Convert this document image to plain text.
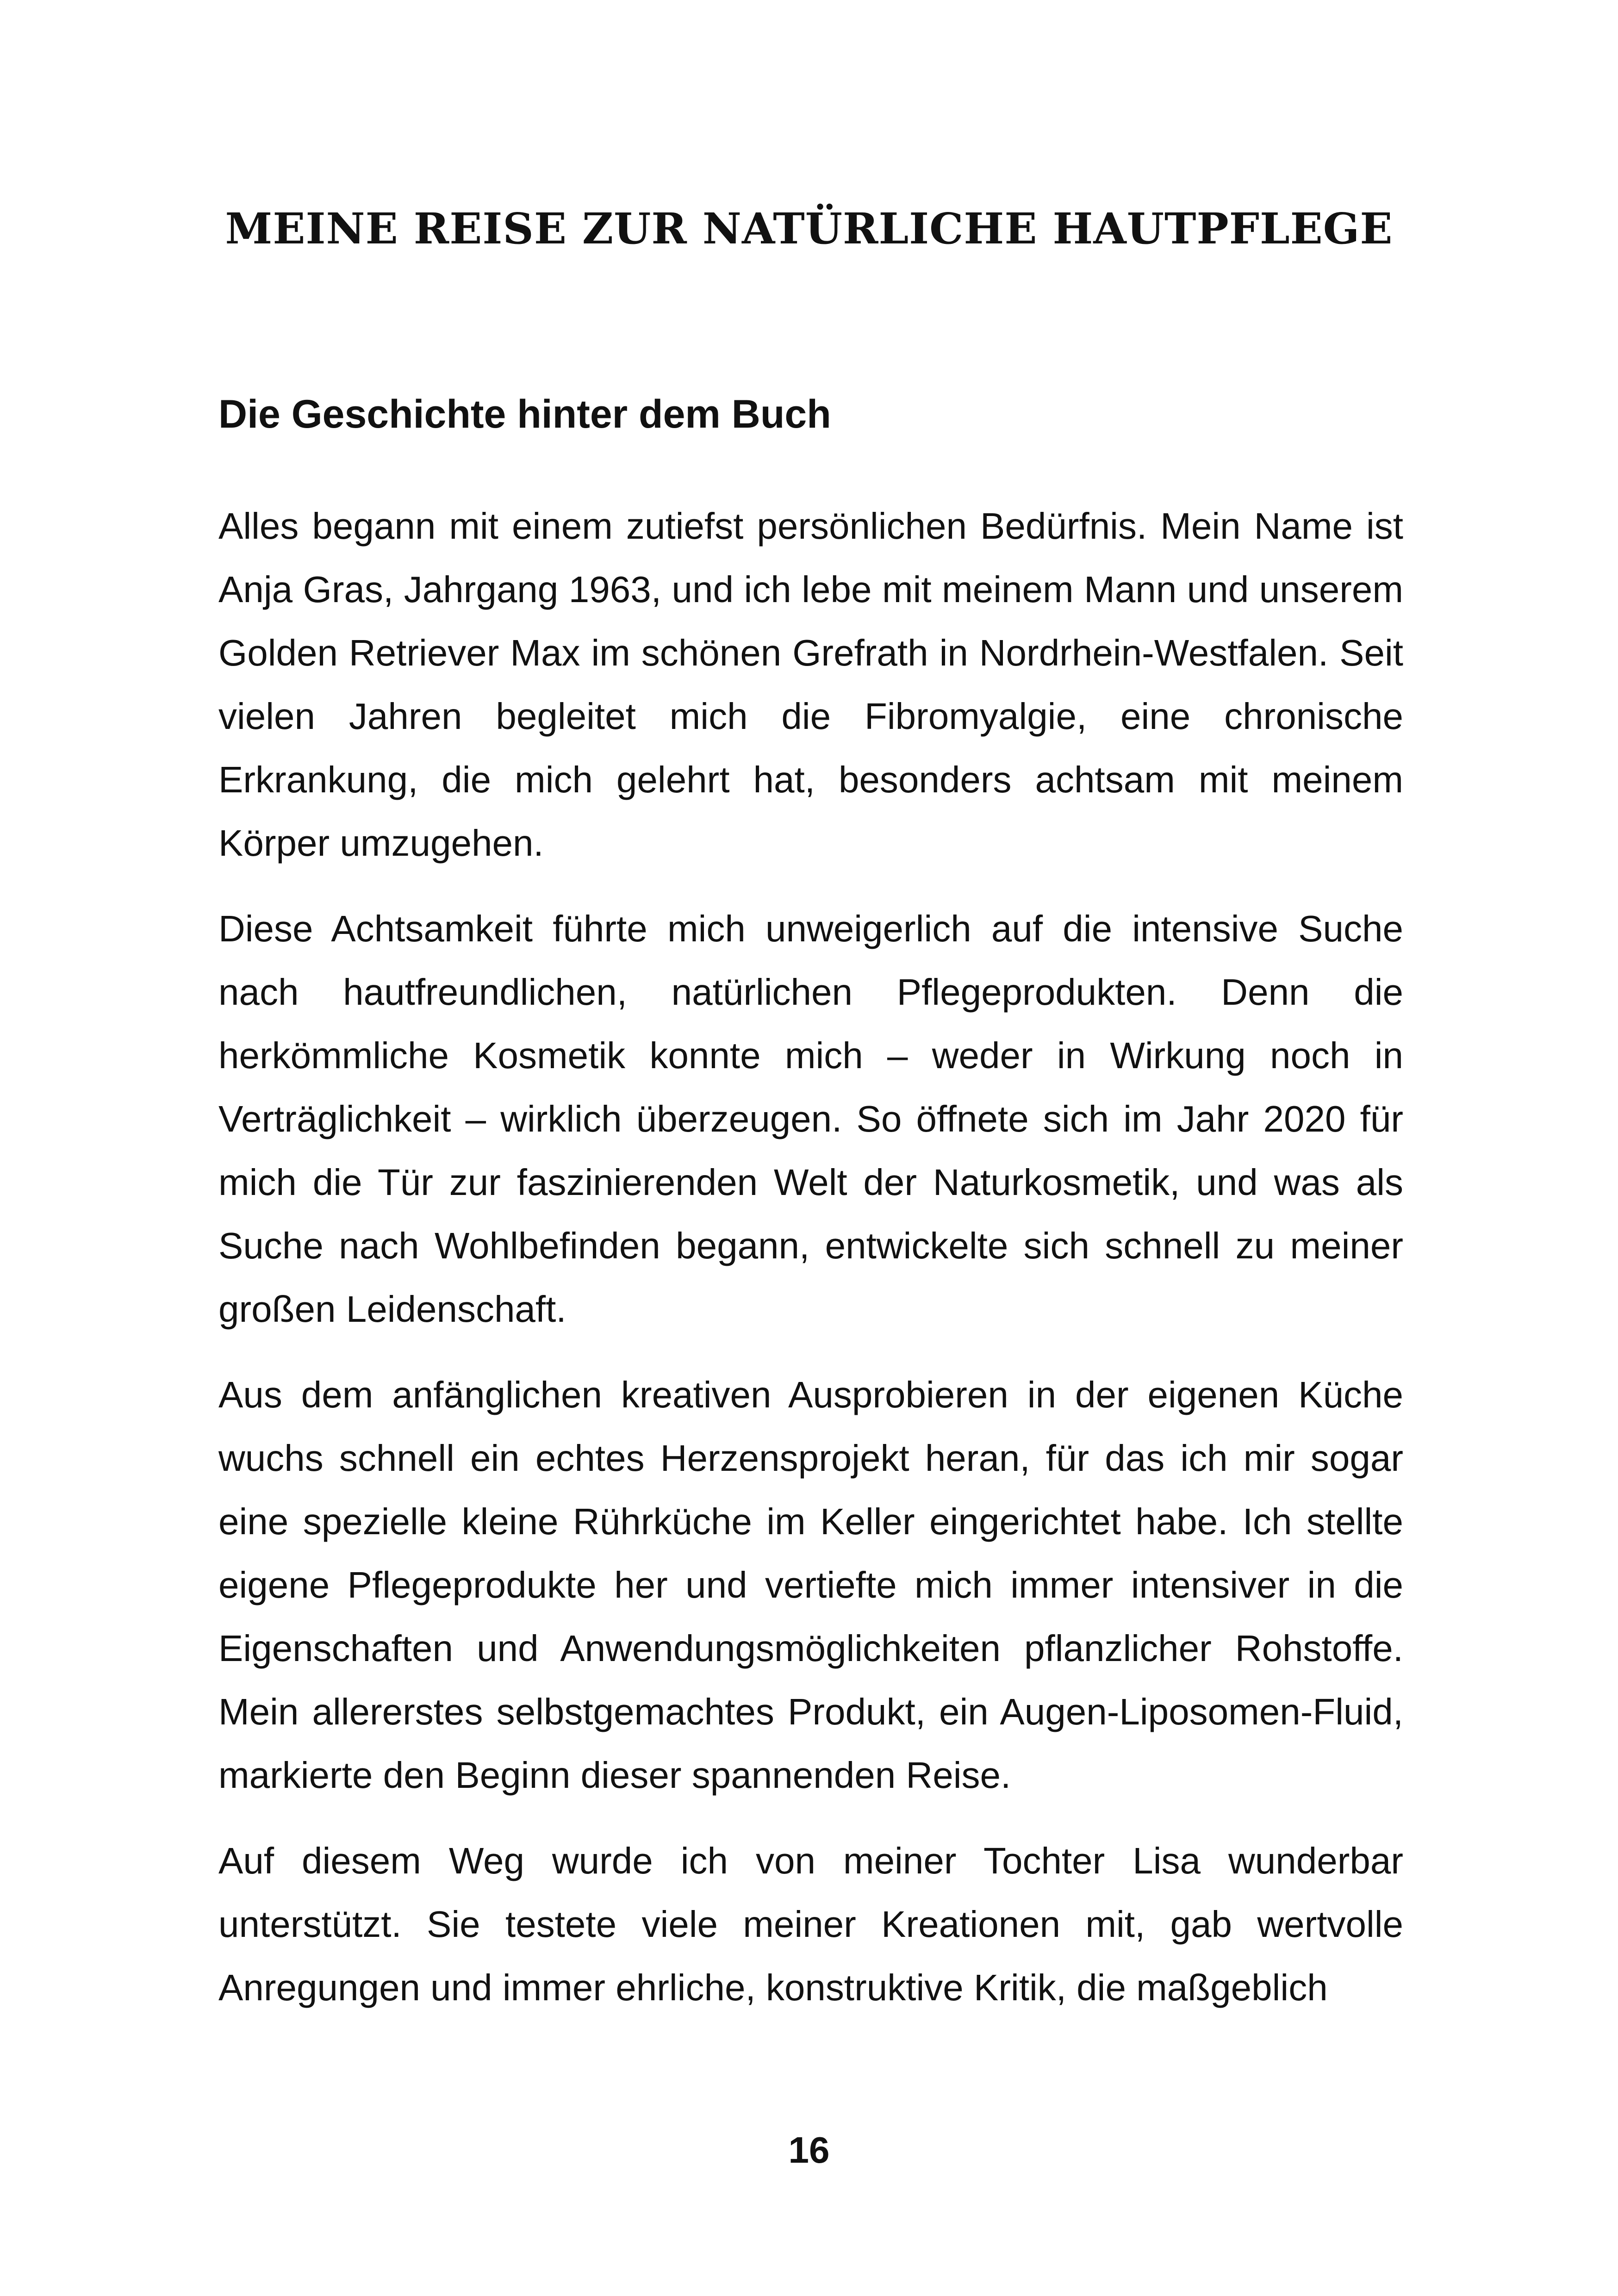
MEINE REISE ZUR NATÜRLICHE HAUTPFLEGE
Die Geschichte hinter dem Buch

Alles begann mit einem zutiefst persönlichen Bedürfnis. Mein Name ist Anja Gras, Jahrgang 1963, und ich lebe mit meinem Mann und unserem Golden Retriever Max im schönen Grefrath in Nordrhein-Westfalen. Seit vielen Jahren begleitet mich die Fibromyalgie, eine chronische Erkrankung, die mich gelehrt hat, besonders achtsam mit meinem Körper umzugehen.

Diese Achtsamkeit führte mich unweigerlich auf die intensive Suche nach hautfreundlichen, natürlichen Pflegeprodukten. Denn die herkömmliche Kosmetik konnte mich – weder in Wirkung noch in Verträglichkeit – wirklich überzeugen. So öffnete sich im Jahr 2020 für mich die Tür zur faszinierenden Welt der Naturkosmetik, und was als Suche nach Wohlbefinden begann, entwickelte sich schnell zu meiner großen Leidenschaft.

Aus dem anfänglichen kreativen Ausprobieren in der eigenen Küche wuchs schnell ein echtes Herzensprojekt heran, für das ich mir sogar eine spezielle kleine Rührküche im Keller eingerichtet habe. Ich stellte eigene Pflegeprodukte her und vertiefte mich immer intensiver in die Eigenschaften und Anwendungsmöglichkeiten pflanzlicher Rohstoffe. Mein allererstes selbstgemachtes Produkt, ein Augen-Liposomen-Fluid, markierte den Beginn dieser spannenden Reise.

Auf diesem Weg wurde ich von meiner Tochter Lisa wunderbar unterstützt. Sie testete viele meiner Kreationen mit, gab wertvolle Anregungen und immer ehrliche, konstruktive Kritik, die maßgeblich

16
